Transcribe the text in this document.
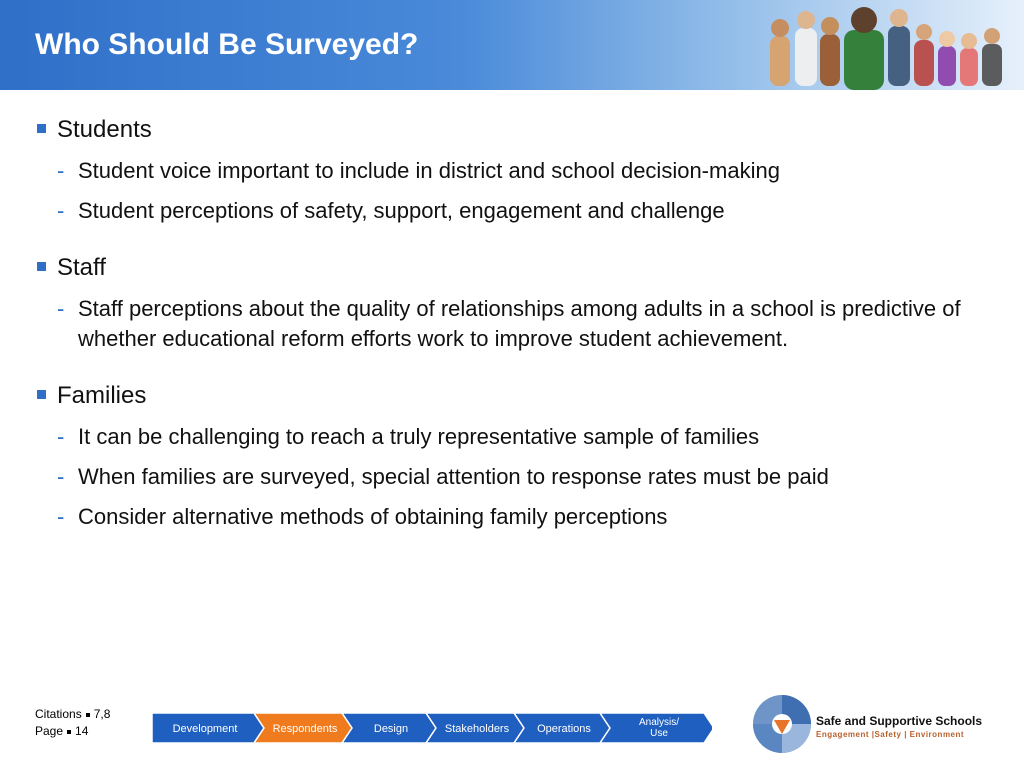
Who Should Be Surveyed?
Students
- Student voice important to include in district and school decision-making
- Student perceptions of safety, support, engagement and challenge
Staff
- Staff perceptions about the quality of relationships among adults in a school is predictive of whether educational reform efforts work to improve student achievement.
Families
- It can be challenging to reach a truly representative sample of families
- When families are surveyed, special attention to response rates must be paid
- Consider alternative methods of obtaining family perceptions
Citations 7,8
Page 14	Development	Respondents	Design	Stakeholders	Operations
Analysis/
Use
Safe and Supportive Schools
Engagement |Safety | Environment
